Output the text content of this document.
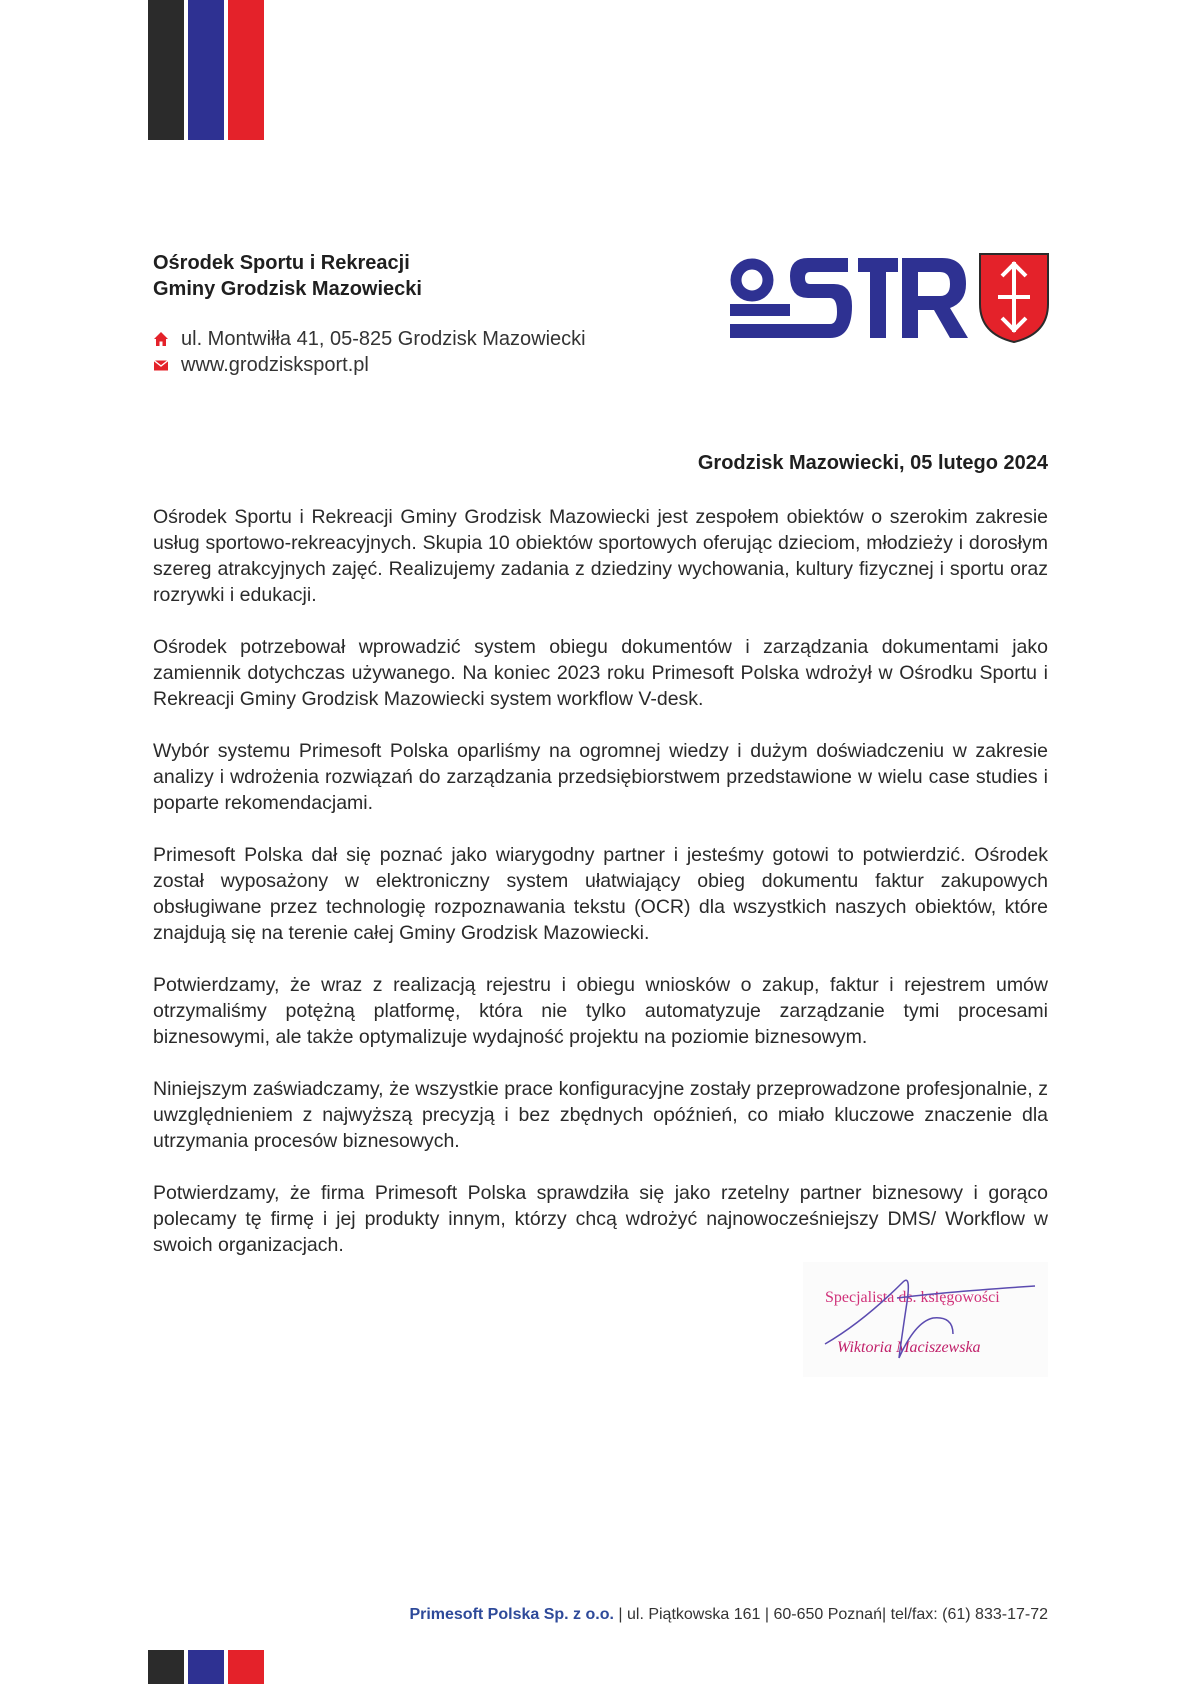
Ośrodek Sportu i Rekreacji
Gminy Grodzisk Mazowiecki
ul. Montwiłła 41, 05-825 Grodzisk Mazowiecki
www.grodzisksport.pl
Grodzisk Mazowiecki, 05 lutego 2024

Ośrodek Sportu i Rekreacji Gminy Grodzisk Mazowiecki jest zespołem obiektów o szerokim zakresie usług sportowo-rekreacyjnych. Skupia 10 obiektów sportowych oferując dzieciom, młodzieży i dorosłym szereg atrakcyjnych zajęć. Realizujemy zadania z dziedziny wychowania, kultury fizycznej i sportu oraz rozrywki i edukacji.

Ośrodek potrzebował wprowadzić system obiegu dokumentów i zarządzania dokumentami jako zamiennik dotychczas używanego. Na koniec 2023 roku Primesoft Polska wdrożył w Ośrodku Sportu i Rekreacji Gminy Grodzisk Mazowiecki system workflow V-desk.

Wybór systemu Primesoft Polska oparliśmy na ogromnej wiedzy i dużym doświadczeniu w zakresie analizy i wdrożenia rozwiązań do zarządzania przedsiębiorstwem przedstawione w wielu case studies i poparte rekomendacjami.

Primesoft Polska dał się poznać jako wiarygodny partner i jesteśmy gotowi to potwierdzić. Ośrodek został wyposażony w elektroniczny system ułatwiający obieg dokumentu faktur zakupowych obsługiwane przez technologię rozpoznawania tekstu (OCR) dla wszystkich naszych obiektów, które znajdują się na terenie całej Gminy Grodzisk Mazowiecki.

Potwierdzamy, że wraz z realizacją rejestru i obiegu wniosków o zakup, faktur i rejestrem umów otrzymaliśmy potężną platformę, która nie tylko automatyzuje zarządzanie tymi procesami biznesowymi, ale także optymalizuje wydajność projektu na poziomie biznesowym.

Niniejszym zaświadczamy, że wszystkie prace konfiguracyjne zostały przeprowadzone profesjonalnie, z uwzględnieniem z najwyższą precyzją i bez zbędnych opóźnień, co miało kluczowe znaczenie dla utrzymania procesów biznesowych.

Potwierdzamy, że firma Primesoft Polska sprawdziła się jako rzetelny partner biznesowy i gorąco polecamy tę firmę i jej produkty innym, którzy chcą wdrożyć najnowocześniejszy DMS/ Workflow w swoich organizacjach.

Specjalista ds. księgowości
Wiktoria Maciszewska
Primesoft Polska Sp. z o.o. | ul. Piątkowska 161 | 60-650 Poznań| tel/fax: (61) 833-17-72
